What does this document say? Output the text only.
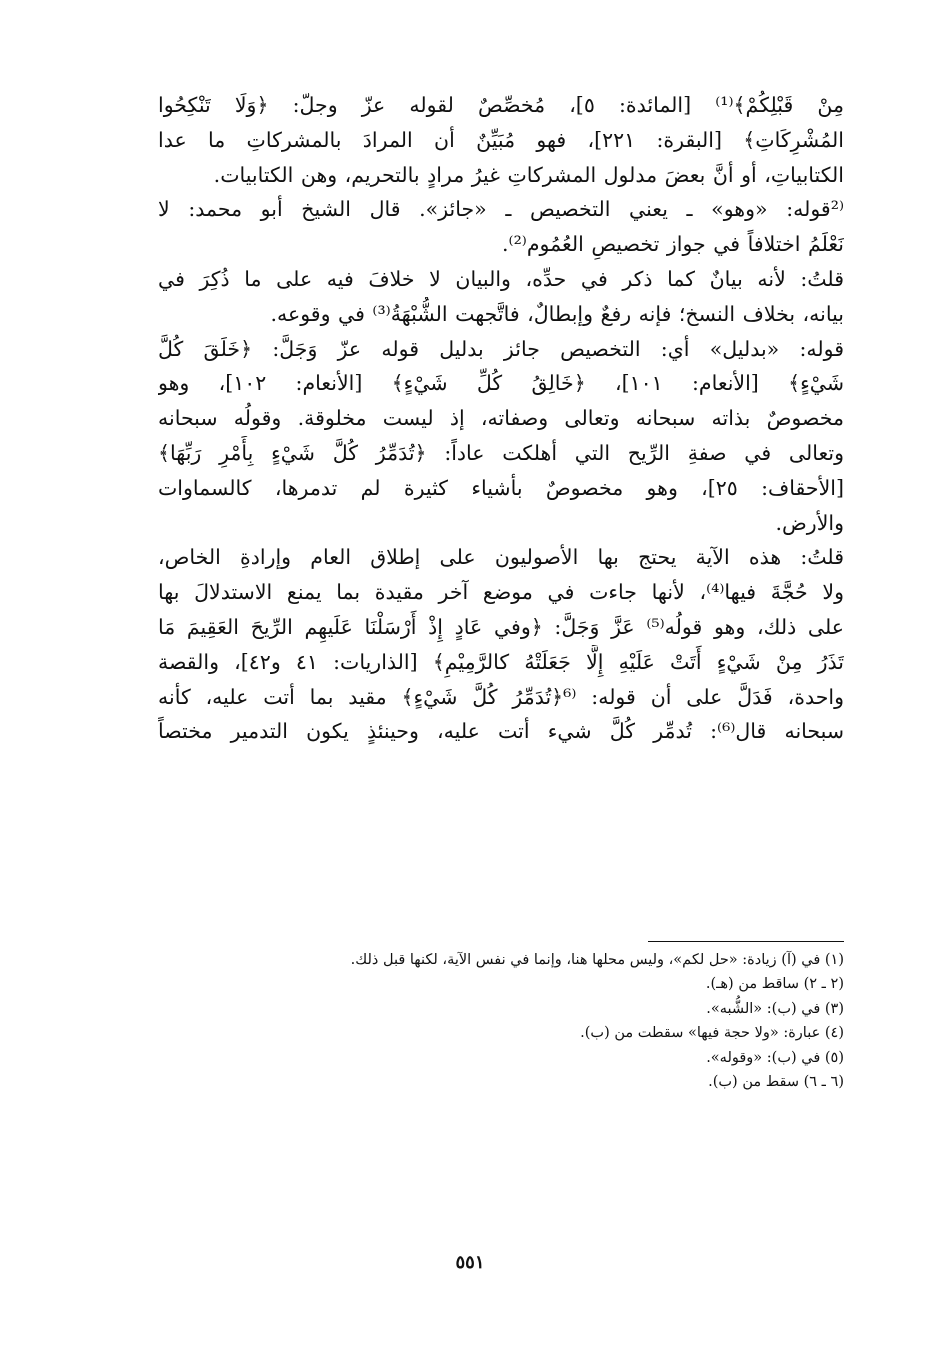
مِنْ قَبْلِكُمْ﴾⁽¹⁾ [المائدة: ٥]، مُخصِّصٌ لقوله عزّ وجلّ: ﴿وَلَا تَنْكِحُوا
المُشْرِكَاتِ﴾ [البقرة: ٢٢١]، فهو مُبَيِّنٌ أن المرادَ بالمشركاتِ ما عدا
الكتابياتِ، أو أنَّ بعضَ مدلول المشركاتِ غيرُ مرادٍ بالتحريم، وهن الكتابيات.
⁽²قوله: «وهو» ـ يعني التخصيص ـ «جائز». قال الشيخ أبو محمد: لا
نَعْلَمُ اختلافاً في جواز تخصيصِ العُمُوم⁽²⁾.
قلتُ: لأنه بيانٌ كما ذكر في حدِّه، والبيان لا خلافَ فيه على ما ذُكِرَ في
بيانه، بخلاف النسخ؛ فإنه رفعٌ وإبطالٌ، فاتَّجهت الشُّبْهَةُ⁽³⁾ في وقوعه.
قوله: «بدليل» أي: التخصيص جائز بدليل قوله عزّ وَجَلَّ: ﴿خَلَقَ كُلَّ
شَيْءٍ﴾ [الأنعام: ١٠١]، ﴿خَالِقُ كُلِّ شَيْءٍ﴾ [الأنعام: ١٠٢]، وهو
مخصوصٌ بذاته سبحانه وتعالى وصفاته، إذ ليست مخلوقة. وقولُه سبحانه
وتعالى في صفةِ الرِّيح التي أهلكت عاداً: ﴿تُدَمِّرُ كُلَّ شَيْءٍ بِأَمْرِ رَبِّهَا﴾
[الأحقاف: ٢٥]، وهو مخصوصٌ بأشياء كثيرة لم تدمرها، كالسماوات
والأرض.
قلتُ: هذه الآية يحتج بها الأصوليون على إطلاق العام وإرادةِ الخاص،
ولا حُجَّةَ فيها⁽⁴⁾، لأنها جاءت في موضع آخر مقيدة بما يمنع الاستدلالَ بها
على ذلك، وهو قولُه⁽⁵⁾ عَزَّ وَجَلَّ: ﴿وفي عَادٍ إِذْ أَرْسَلْنَا عَلَيهِم الرِّيحَ العَقِيمَ مَا
تَذَرُ مِنْ شَيْءٍ أَتَتْ عَلَيْهِ إِلَّا جَعَلَتْهُ كالرَّمِيْمِ﴾ [الذاريات: ٤١ و٤٢]، والقصة
واحدة، فَدَلَّ على أن قوله: ⁽⁶﴿تُدَمِّرُ كُلَّ شَيْءٍ﴾ مقيد بما أتت عليه، كأنه
سبحانه قال⁽⁶⁾: تُدمِّر كُلَّ شيء أتت عليه، وحينئذٍ يكون التدمير مختصاً
(١) في (آ) زيادة: «حل لكم»، وليس محلها هنا، وإنما في نفس الآية، لكنها قبل ذلك.
(٢ ـ ٢) ساقط من (هـ).
(٣) في (ب): «الشُّبه».
(٤) عبارة: «ولا حجة فيها» سقطت من (ب).
(٥) في (ب): «وقوله».
(٦ ـ ٦) سقط من (ب).
٥٥١
